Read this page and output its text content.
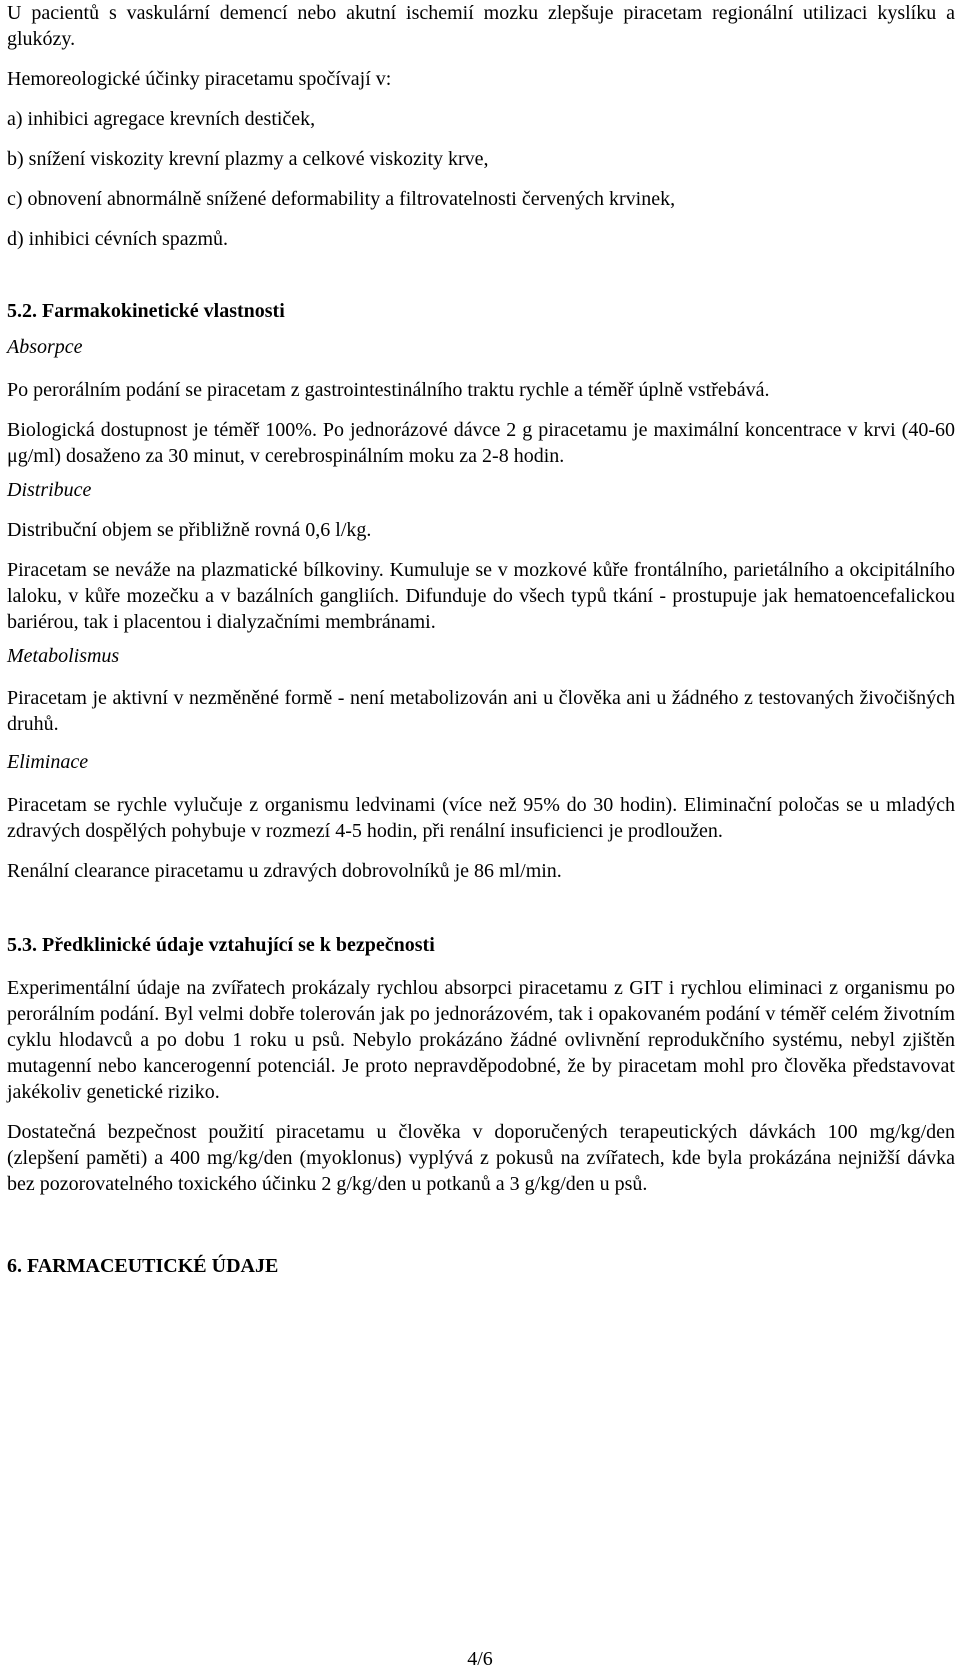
U pacientů s vaskulární demencí nebo akutní ischemií mozku zlepšuje piracetam regionální utilizaci kyslíku a glukózy.

Hemoreologické účinky piracetamu spočívají v:

a) inhibici agregace krevních destiček,

b) snížení viskozity krevní plazmy a celkové viskozity krve,

c) obnovení abnormálně snížené deformability a filtrovatelnosti červených krvinek,

d) inhibici cévních spazmů.

5.2. Farmakokinetické vlastnosti

Absorpce

Po perorálním podání se piracetam z gastrointestinálního traktu rychle a téměř úplně vstřebává.

Biologická dostupnost je téměř 100%. Po jednorázové dávce 2 g piracetamu je maximální koncentrace v krvi (40-60 μg/ml) dosaženo za 30 minut, v cerebrospinálním moku za 2-8 hodin.

Distribuce

Distribuční objem se přibližně rovná 0,6 l/kg.

Piracetam se neváže na plazmatické bílkoviny. Kumuluje se v mozkové kůře frontálního, parietálního a okcipitálního laloku, v kůře mozečku a v bazálních gangliích. Difunduje do všech typů tkání - prostupuje jak hematoencefalickou bariérou, tak i placentou i dialyzačními membránami.

Metabolismus

Piracetam je aktivní v nezměněné formě - není metabolizován ani u člověka ani u žádného z testovaných živočišných druhů.

Eliminace

Piracetam se rychle vylučuje z organismu ledvinami (více než 95% do 30 hodin). Eliminační poločas se u mladých zdravých dospělých pohybuje v rozmezí 4-5 hodin, při renální insuficienci je prodloužen.

Renální clearance piracetamu u zdravých dobrovolníků je 86 ml/min.

5.3. Předklinické údaje vztahující se k bezpečnosti

Experimentální údaje na zvířatech prokázaly rychlou absorpci piracetamu z GIT i rychlou eliminaci z organismu po perorálním podání. Byl velmi dobře tolerován jak po jednorázovém, tak i opakovaném podání v téměř celém životním cyklu hlodavců a po dobu 1 roku u psů. Nebylo prokázáno žádné ovlivnění reprodukčního systému, nebyl zjištěn mutagenní nebo kancerogenní potenciál. Je proto nepravděpodobné, že by piracetam mohl pro člověka představovat jakékoliv genetické riziko.

Dostatečná bezpečnost použití piracetamu u člověka v doporučených terapeutických dávkách 100 mg/kg/den (zlepšení paměti) a 400 mg/kg/den (myoklonus) vyplývá z pokusů na zvířatech, kde byla prokázána nejnižší dávka bez pozorovatelného toxického účinku 2 g/kg/den u potkanů a 3 g/kg/den u psů.

6. FARMACEUTICKÉ ÚDAJE

4/6
